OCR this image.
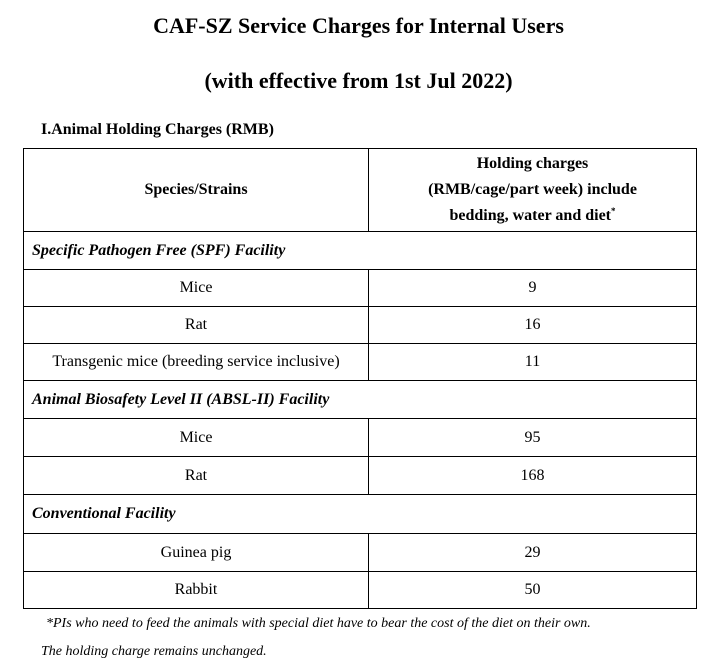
CAF-SZ Service Charges for Internal Users
(with effective from 1st Jul 2022)

I.Animal Holding Charges (RMB)

Species/Strains	Holding charges
(RMB/cage/part week) include
bedding, water and diet*

Specific Pathogen Free (SPF) Facility	
Mice	9
Rat	16
Transgenic mice (breeding service inclusive)	11
Animal Biosafety Level II (ABSL-II) Facility	
Mice	95
Rat	168
Conventional Facility	
Guinea pig	29
Rabbit	50

*PIs who need to feed the animals with special diet have to bear the cost of the diet on their own.

The holding charge remains unchanged.
